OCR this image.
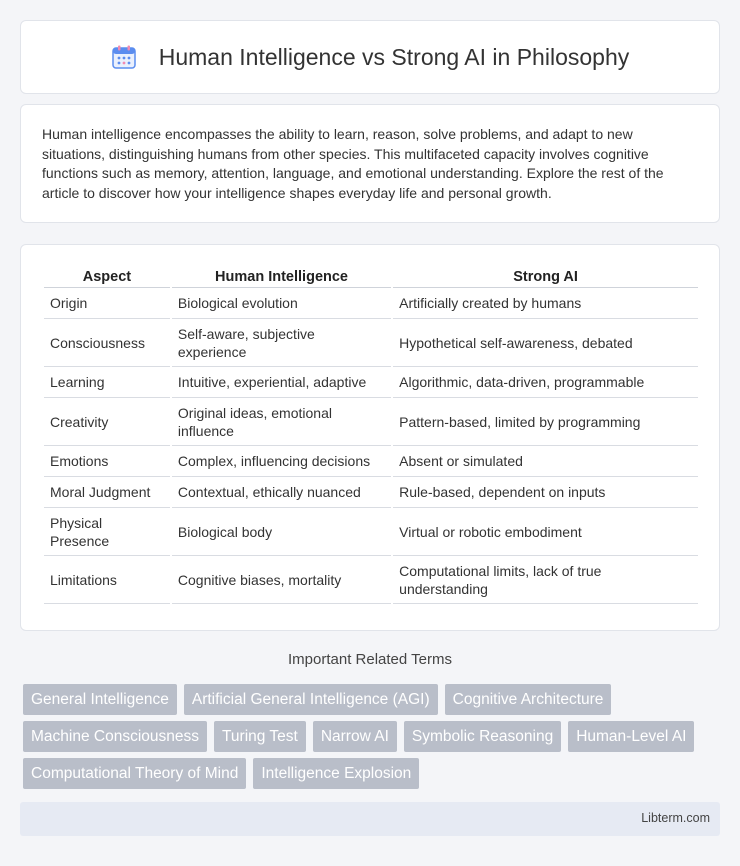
Human Intelligence vs Strong AI in Philosophy

Human intelligence encompasses the ability to learn, reason, solve problems, and adapt to new situations, distinguishing humans from other species. This multifaceted capacity involves cognitive functions such as memory, attention, language, and emotional understanding. Explore the rest of the article to discover how your intelligence shapes everyday life and personal growth.

Aspect	Human Intelligence	Strong AI
Origin	Biological evolution	Artificially created by humans
Consciousness	Self-aware, subjective experience	Hypothetical self-awareness, debated
Learning	Intuitive, experiential, adaptive	Algorithmic, data-driven, programmable
Creativity	Original ideas, emotional influence	Pattern-based, limited by programming
Emotions	Complex, influencing decisions	Absent or simulated
Moral Judgment	Contextual, ethically nuanced	Rule-based, dependent on inputs
Physical Presence	Biological body	Virtual or robotic embodiment
Limitations	Cognitive biases, mortality	Computational limits, lack of true understanding
Important Related Terms
General Intelligence	Artificial General Intelligence (AGI)	Cognitive Architecture
Machine Consciousness	Turing Test	Narrow AI	Symbolic Reasoning	Human-Level AI
Computational Theory of Mind	Intelligence Explosion
Libterm.com
